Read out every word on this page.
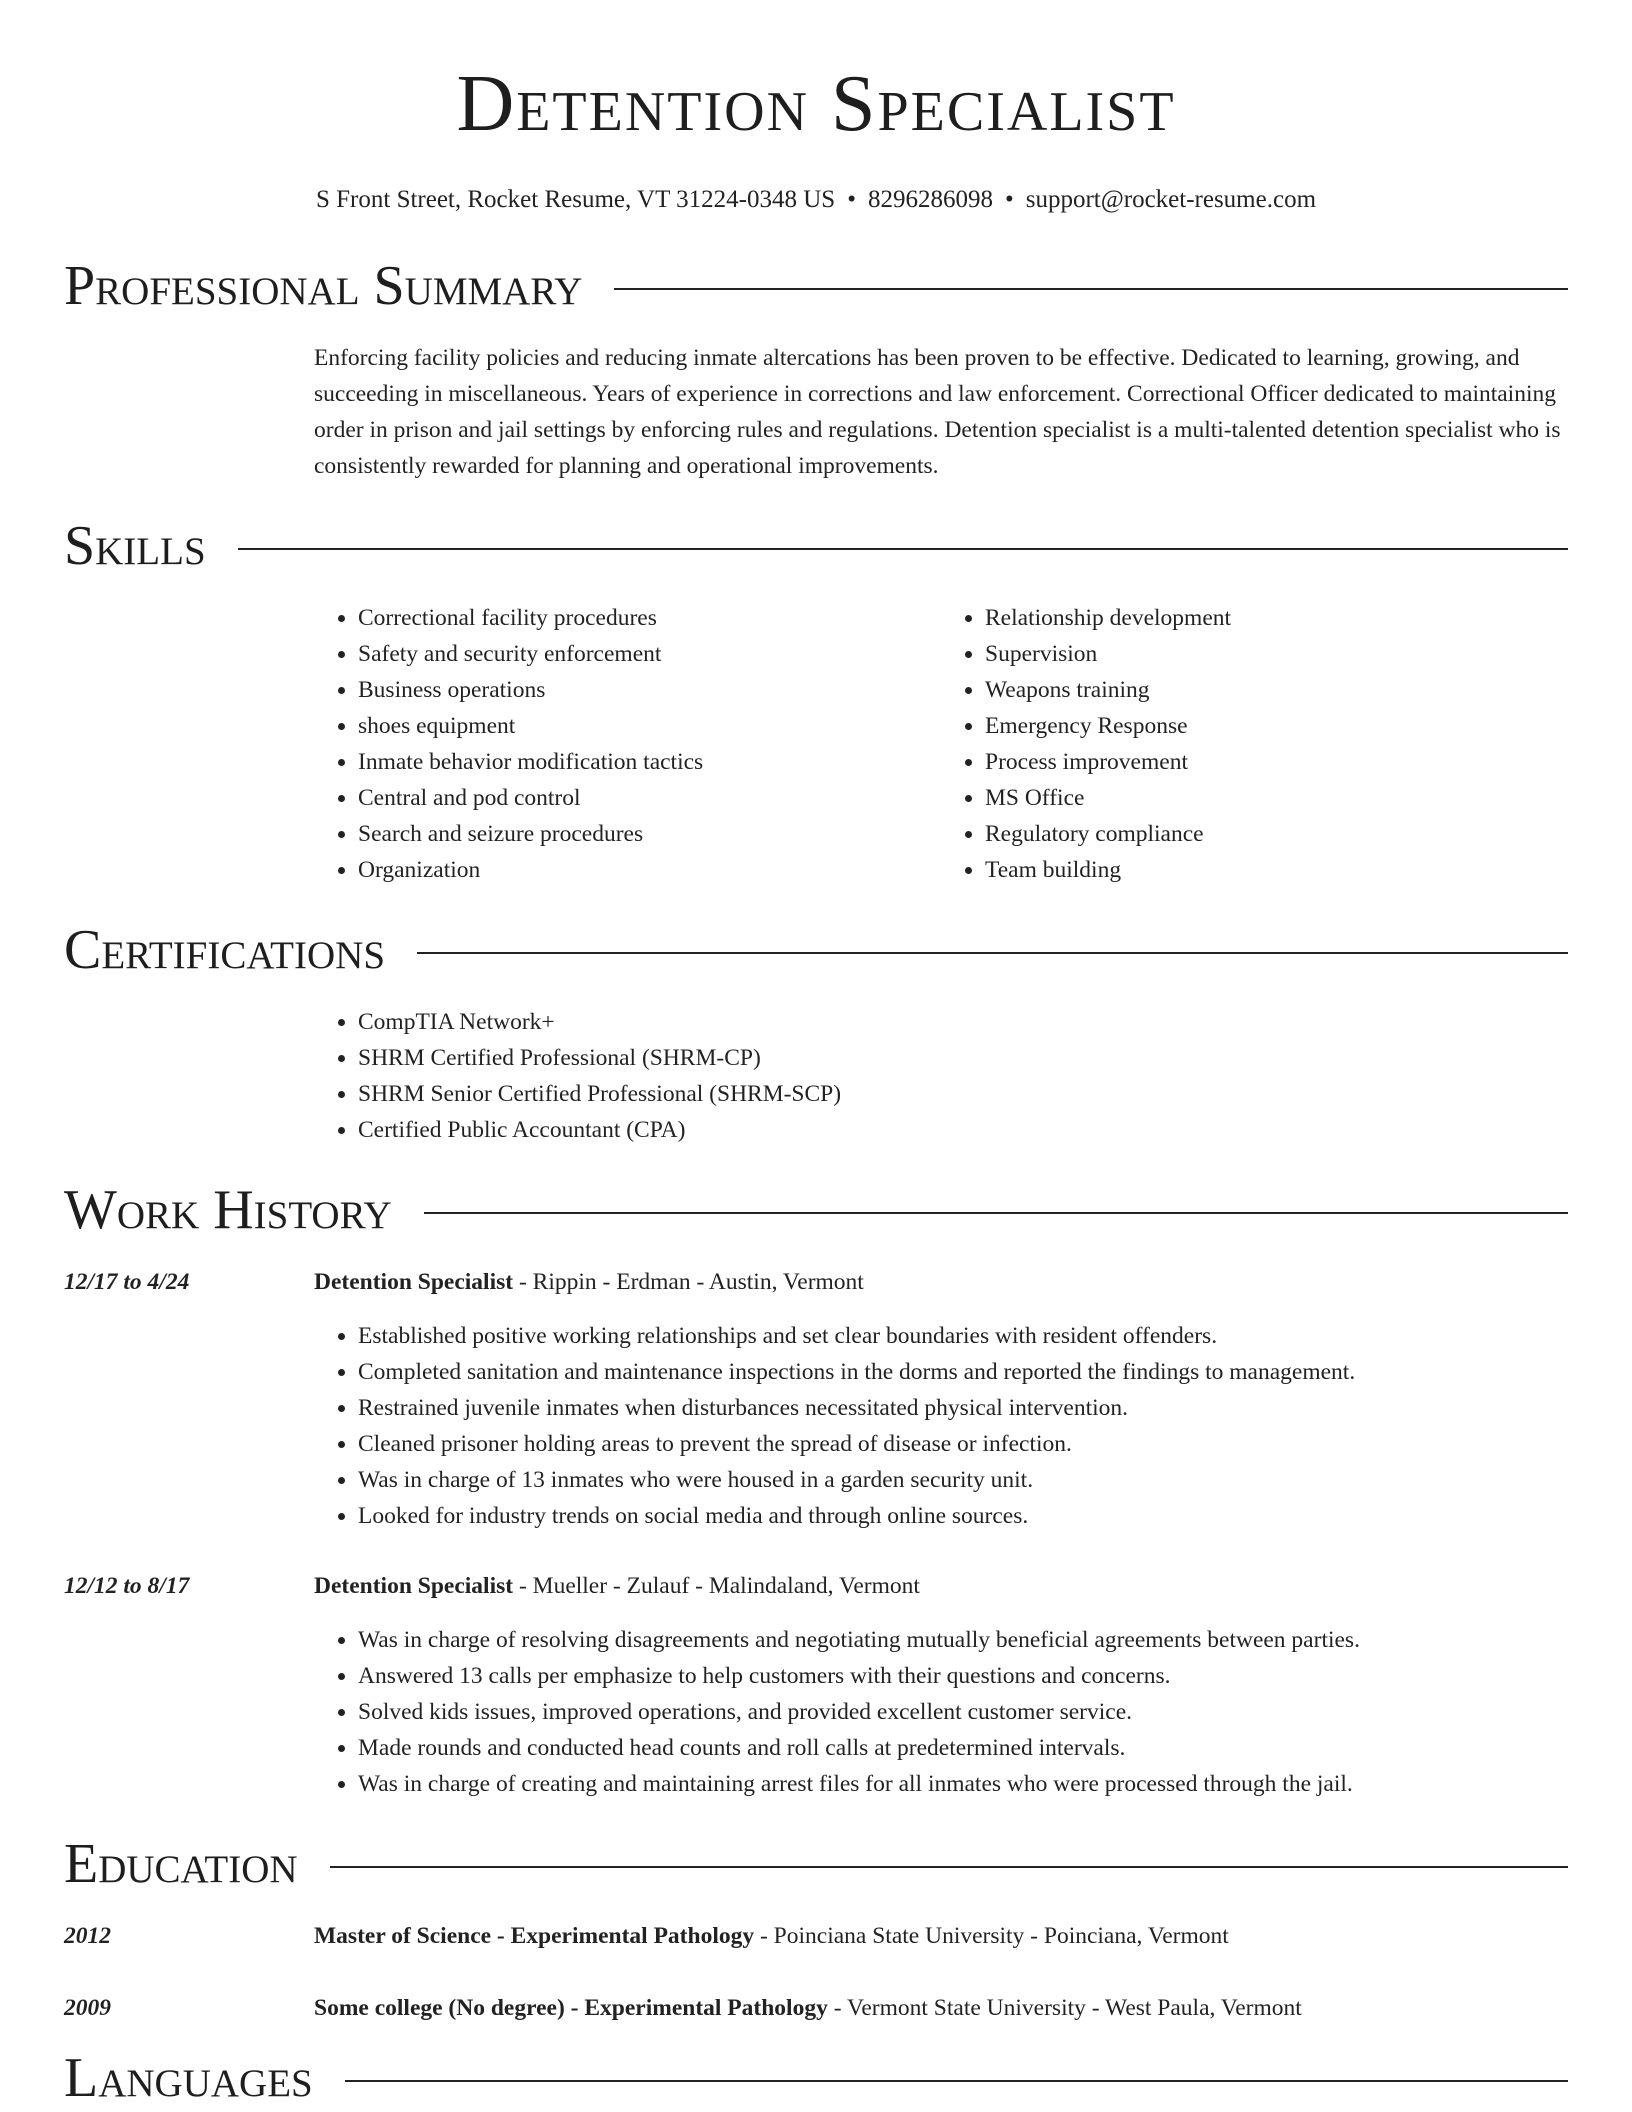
Detention Specialist
S Front Street, Rocket Resume, VT 31224-0348 US • 8296286098 • support@rocket-resume.com
Professional Summary
Enforcing facility policies and reducing inmate altercations has been proven to be effective. Dedicated to learning, growing, and succeeding in miscellaneous. Years of experience in corrections and law enforcement. Correctional Officer dedicated to maintaining order in prison and jail settings by enforcing rules and regulations. Detention specialist is a multi-talented detention specialist who is consistently rewarded for planning and operational improvements.
Skills
• Correctional facility procedures
• Safety and security enforcement
• Business operations
• shoes equipment
• Inmate behavior modification tactics
• Central and pod control
• Search and seizure procedures
• Organization
• Relationship development
• Supervision
• Weapons training
• Emergency Response
• Process improvement
• MS Office
• Regulatory compliance
• Team building
Certifications
• CompTIA Network+
• SHRM Certified Professional (SHRM-CP)
• SHRM Senior Certified Professional (SHRM-SCP)
• Certified Public Accountant (CPA)
Work History
12/17 to 4/24	Detention Specialist - Rippin - Erdman - Austin, Vermont
• Established positive working relationships and set clear boundaries with resident offenders.
• Completed sanitation and maintenance inspections in the dorms and reported the findings to management.
• Restrained juvenile inmates when disturbances necessitated physical intervention.
• Cleaned prisoner holding areas to prevent the spread of disease or infection.
• Was in charge of 13 inmates who were housed in a garden security unit.
• Looked for industry trends on social media and through online sources.
12/12 to 8/17	Detention Specialist - Mueller - Zulauf - Malindaland, Vermont
• Was in charge of resolving disagreements and negotiating mutually beneficial agreements between parties.
• Answered 13 calls per emphasize to help customers with their questions and concerns.
• Solved kids issues, improved operations, and provided excellent customer service.
• Made rounds and conducted head counts and roll calls at predetermined intervals.
• Was in charge of creating and maintaining arrest files for all inmates who were processed through the jail.
Education
2012	Master of Science - Experimental Pathology - Poinciana State University - Poinciana, Vermont
2009	Some college (No degree) - Experimental Pathology - Vermont State University - West Paula, Vermont
Languages
